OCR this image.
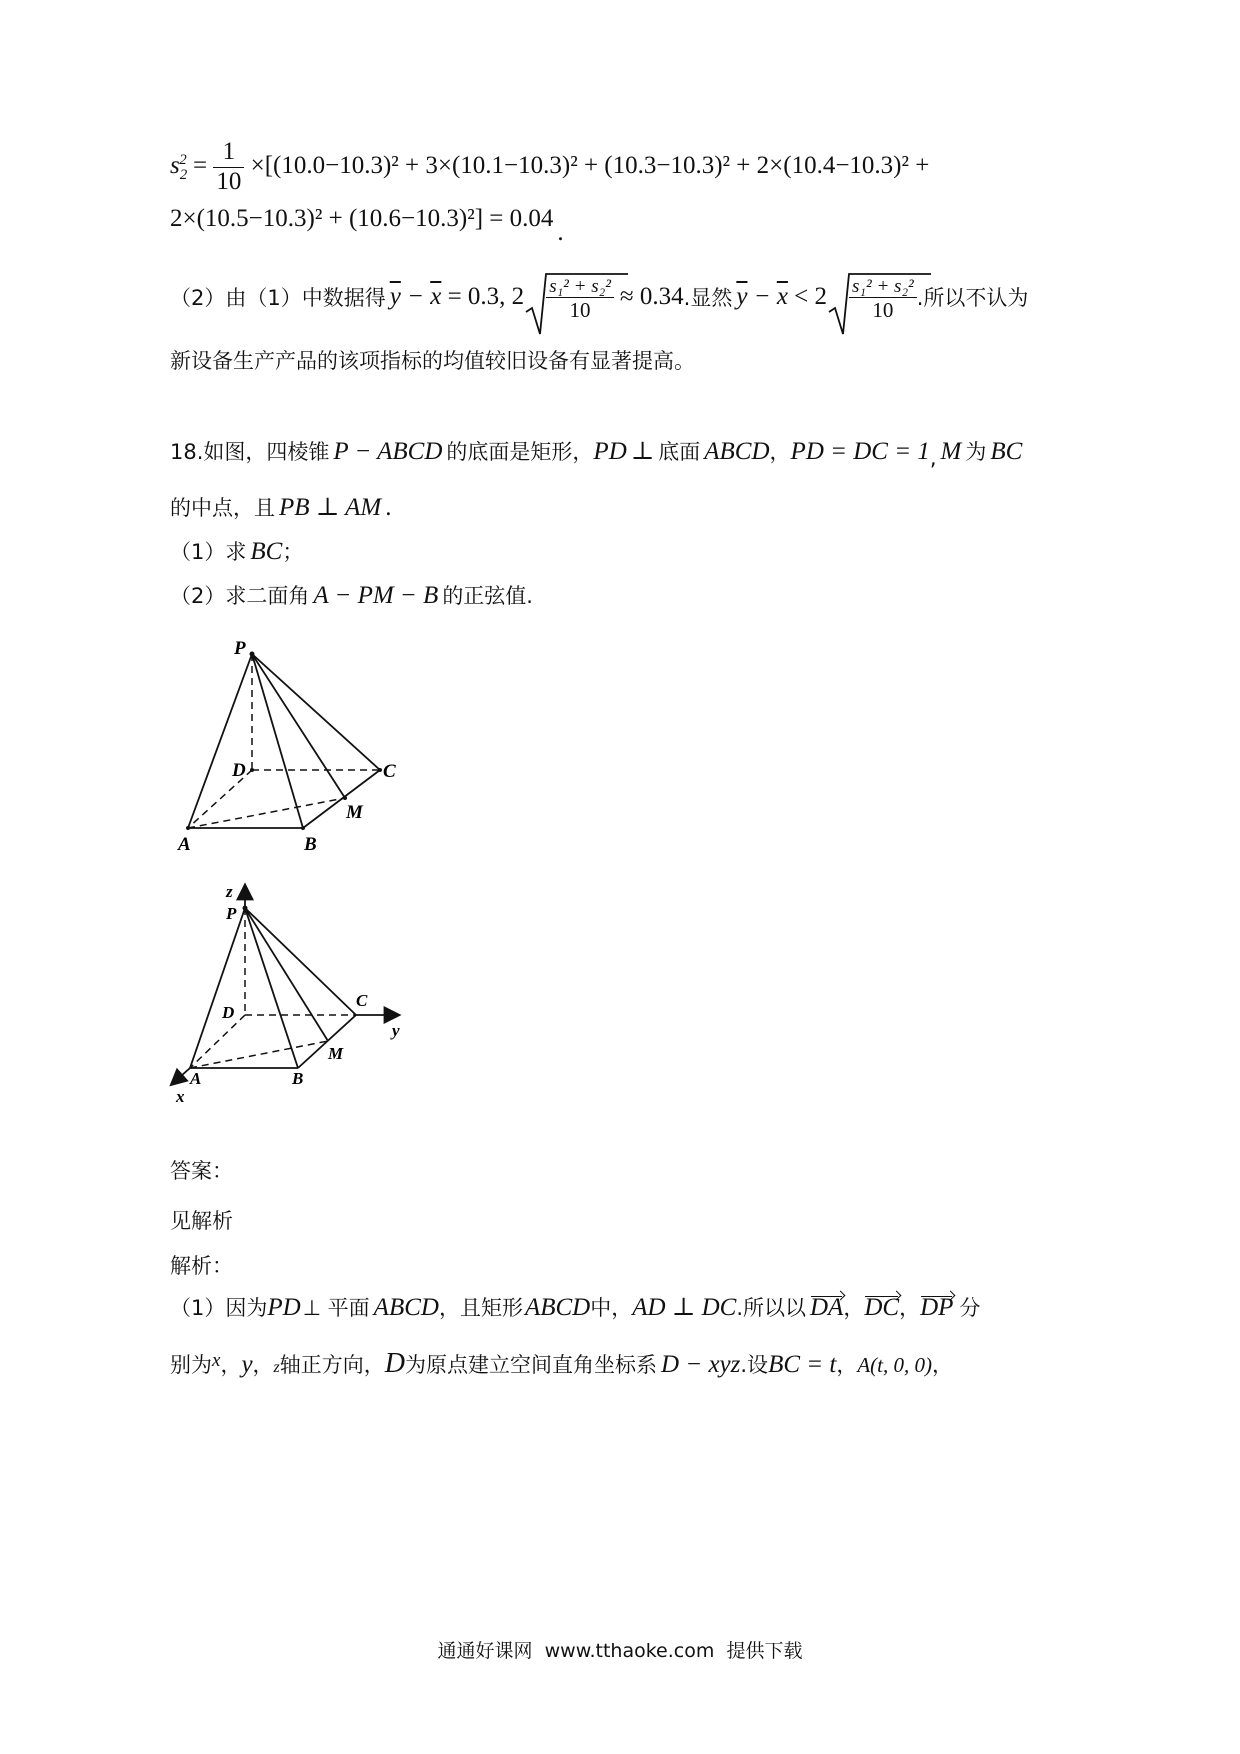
$s_2^2 = \frac{1}{10} \times[(10.0-10.3)^2 + 3\times(10.1-10.3)^2 + (10.3-10.3)^2 + 2\times(10.4-10.3)^2$ +
2×(10.5−10.3)² + (10.6−10.3)²] = 0.04.
（2）由（1）中数据得 $\overline{y} - \overline{x} = 0.3$, $2 \frac{\text{s₁² + s₂²}}{10} \approx 0.34$ .显然 $\overline{y} - \overline{x} < 2 \frac{\text{s₁² + s₂²}}{10}$ .所以不认为
新设备生产产品的该项指标的均值较旧设备有显著提高。
18.如图，四棱锥 P − ABCD 的底面是矩形，PD ⊥ 底面 ABCD，PD = DC = 1, M 为 BC
的中点，且 PB ⊥ AM .
（1）求 BC；
（2）求二面角 A − PM − B 的正弦值.
P
D	C
M
A	B
z
P
D
C
y
M
A	B
x
答案：
见解析
解析：
（1）因为PD⊥ 平面 ABCD，且矩形ABCD中，AD ⊥ DC.所以以 DA，DC，DP 分
别为x，y，z轴正方向，D为原点建立空间直角坐标系 D − xyz.设BC = t，A(t, 0, 0)，
通通好课网  www.tthaoke.com  提供下载
